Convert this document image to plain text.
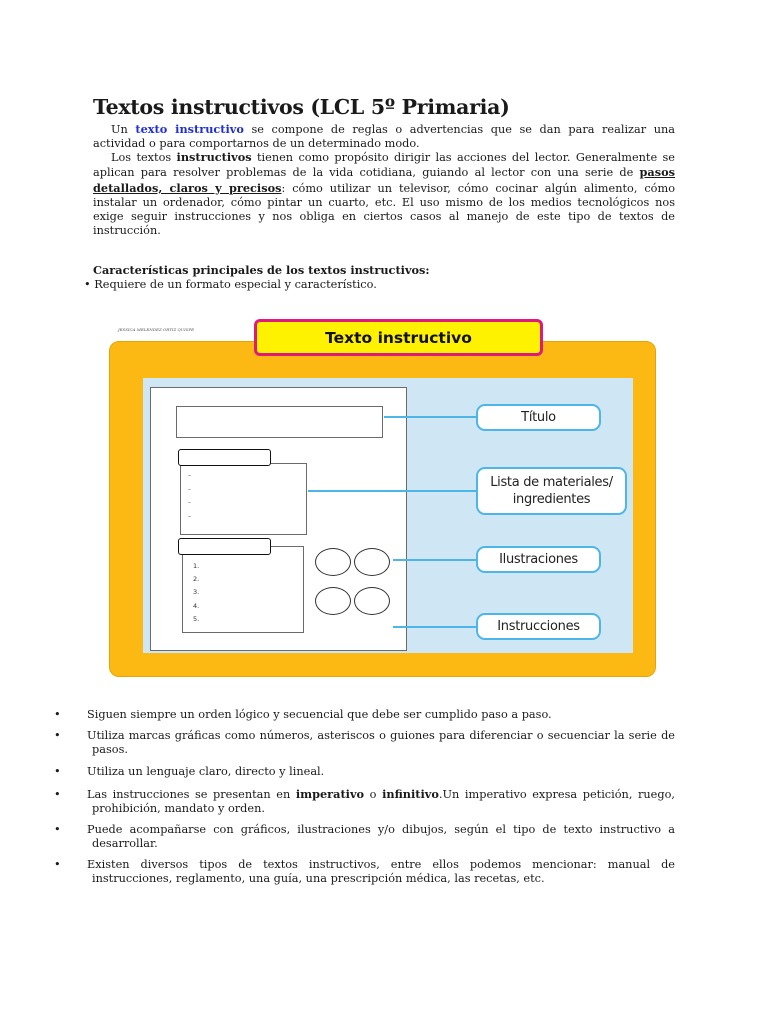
Textos instructivos (LCL 5º Primaria)
Un texto instructivo se compone de reglas o advertencias que se dan para realizar una actividad o para comportarnos de un determinado modo.
Los textos instructivos tienen como propósito dirigir las acciones del lector. Generalmente se aplican para resolver problemas de la vida cotidiana, guiando al lector con una serie de pasos detallados, claros y precisos: cómo utilizar un televisor, cómo cocinar algún alimento, cómo instalar un ordenador, cómo pintar un cuarto, etc. El uso mismo de los medios tecnológicos nos exige seguir instrucciones y nos obliga en ciertos casos al manejo de este tipo de textos de instrucción.
Características principales de los textos instructivos:
• Requiere de un formato especial y característico.
JESSICA MELENDEZ ORTIZ QUISPE	Texto instructivo
–
–
–
–
1.
2.
3.
4.
5.
Título
Lista de materiales/ ingredientes
Ilustraciones
Instrucciones
• Siguen siempre un orden lógico y secuencial que debe ser cumplido paso a paso.
• Utiliza marcas gráficas como números, asteriscos o guiones para diferenciar o secuenciar la serie de pasos.
• Utiliza un lenguaje claro, directo y lineal.
• Las instrucciones se presentan en imperativo o infinitivo.Un imperativo expresa petición, ruego, prohibición, mandato y orden.
• Puede acompañarse con gráficos, ilustraciones y/o dibujos, según el tipo de texto instructivo a desarrollar.
• Existen diversos tipos de textos instructivos, entre ellos podemos mencionar: manual de instrucciones, reglamento, una guía, una prescripción médica, las recetas, etc.
